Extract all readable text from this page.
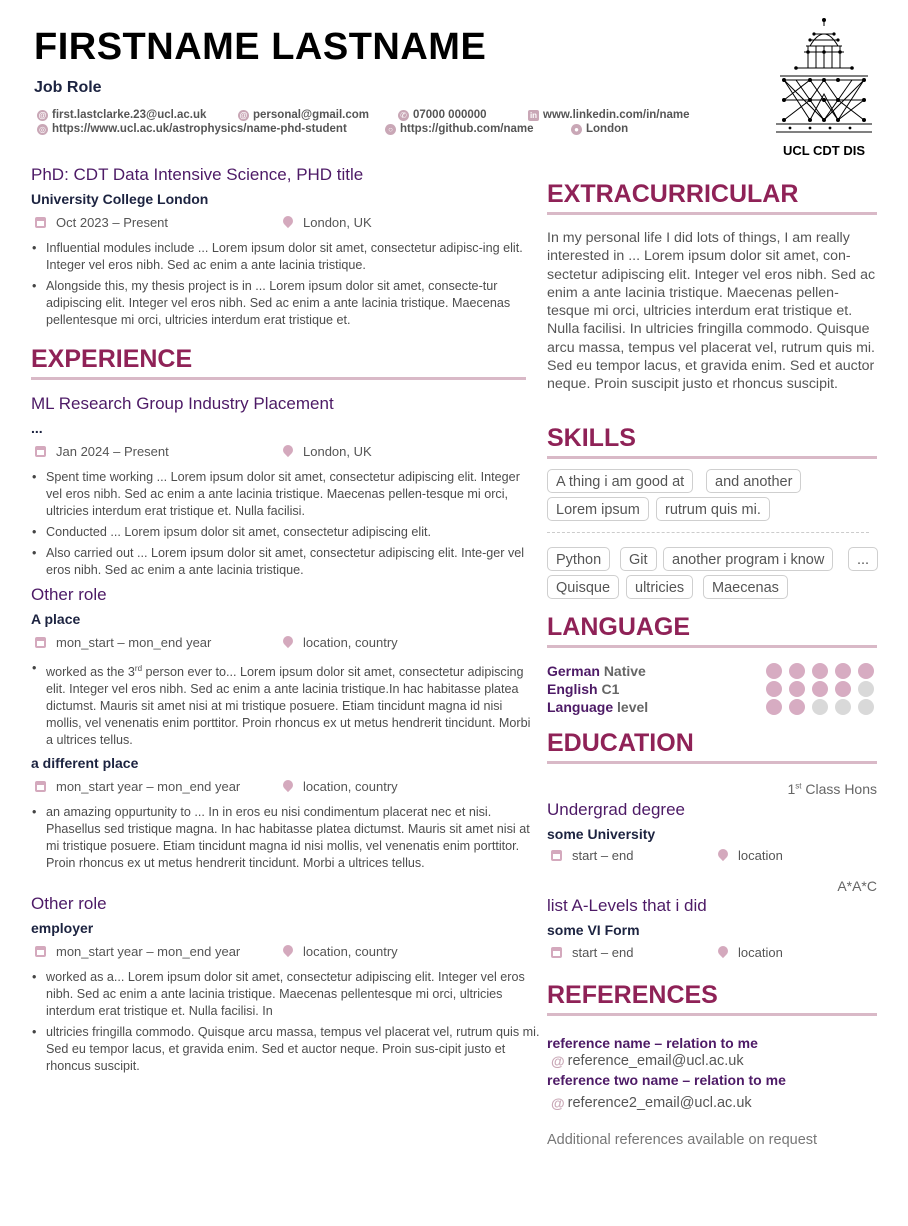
FIRSTNAME LASTNAME
Job Role
@ first.lastclarke.23@ucl.ac.uk	@ personal@gmail.com	✆ 07000 000000	in www.linkedin.com/in/name
◎ https://www.ucl.ac.uk/astrophysics/name-phd-student	○ https://github.com/name	● London
UCL CDT DIS
PhD: CDT Data Intensive Science, PHD title
University College London
Oct 2023 – Present	London, UK
• Influential modules include ... Lorem ipsum dolor sit amet, consectetur adipisc-ing elit. Integer vel eros nibh. Sed ac enim a ante lacinia tristique.
• Alongside this, my thesis project is in ... Lorem ipsum dolor sit amet, consecte-tur adipiscing elit. Integer vel eros nibh. Sed ac enim a ante lacinia tristique. Maecenas pellentesque mi orci, ultricies interdum erat tristique et.
EXPERIENCE
ML Research Group Industry Placement
...
Jan 2024 – Present	London, UK
• Spent time working ... Lorem ipsum dolor sit amet, consectetur adipiscing elit. Integer vel eros nibh. Sed ac enim a ante lacinia tristique. Maecenas pellen-tesque mi orci, ultricies interdum erat tristique et. Nulla facilisi.
• Conducted ... Lorem ipsum dolor sit amet, consectetur adipiscing elit.
• Also carried out ... Lorem ipsum dolor sit amet, consectetur adipiscing elit. Inte-ger vel eros nibh. Sed ac enim a ante lacinia tristique.
Other role
A place
mon_start – mon_end year	location, country
• worked as the 3rd person ever to... Lorem ipsum dolor sit amet, consectetur adipiscing elit. Integer vel eros nibh. Sed ac enim a ante lacinia tristique.In hac habitasse platea dictumst. Mauris sit amet nisi at mi tristique posuere. Etiam tincidunt magna id nisi mollis, vel venenatis enim porttitor. Proin rhoncus ex ut metus hendrerit tincidunt. Morbi a ultrices tellus.
a different place
mon_start year – mon_end year	location, country
• an amazing oppurtunity to ... In in eros eu nisi condimentum placerat nec et nisi. Phasellus sed tristique magna. In hac habitasse platea dictumst. Mauris sit amet nisi at mi tristique posuere. Etiam tincidunt magna id nisi mollis, vel venenatis enim porttitor. Proin rhoncus ex ut metus hendrerit tincidunt. Morbi a ultrices tellus.
Other role
employer
mon_start year – mon_end year	location, country
• worked as a... Lorem ipsum dolor sit amet, consectetur adipiscing elit. Integer vel eros nibh. Sed ac enim a ante lacinia tristique. Maecenas pellentesque mi orci, ultricies interdum erat tristique et. Nulla facilisi. In
• ultricies fringilla commodo. Quisque arcu massa, tempus vel placerat vel, rutrum quis mi. Sed eu tempor lacus, et gravida enim. Sed et auctor neque. Proin sus-cipit justo et rhoncus suscipit.
EXTRACURRICULAR
In my personal life I did lots of things, I am really interested in ... Lorem ipsum dolor sit amet, con-sectetur adipiscing elit. Integer vel eros nibh. Sed ac enim a ante lacinia tristique. Maecenas pellen-tesque mi orci, ultricies interdum erat tristique et. Nulla facilisi. In ultricies fringilla commodo. Quisque arcu massa, tempus vel placerat vel, rutrum quis mi. Sed eu tempor lacus, et gravida enim. Sed et auctor neque. Proin suscipit justo et rhoncus suscipit.
SKILLS
A thing i am good at	and another
Lorem ipsum	rutrum quis mi.
Python	Git	another program i know	...
Quisque	ultricies	Maecenas
LANGUAGE
German Native
English C1
Language level
EDUCATION
1st Class Hons
Undergrad degree
some University
start – end	location
A*A*C
list A-Levels that i did
some VI Form
start – end	location
REFERENCES
reference name – relation to me
@ reference_email@ucl.ac.uk
reference two name – relation to me
@ reference2_email@ucl.ac.uk
Additional references available on request
